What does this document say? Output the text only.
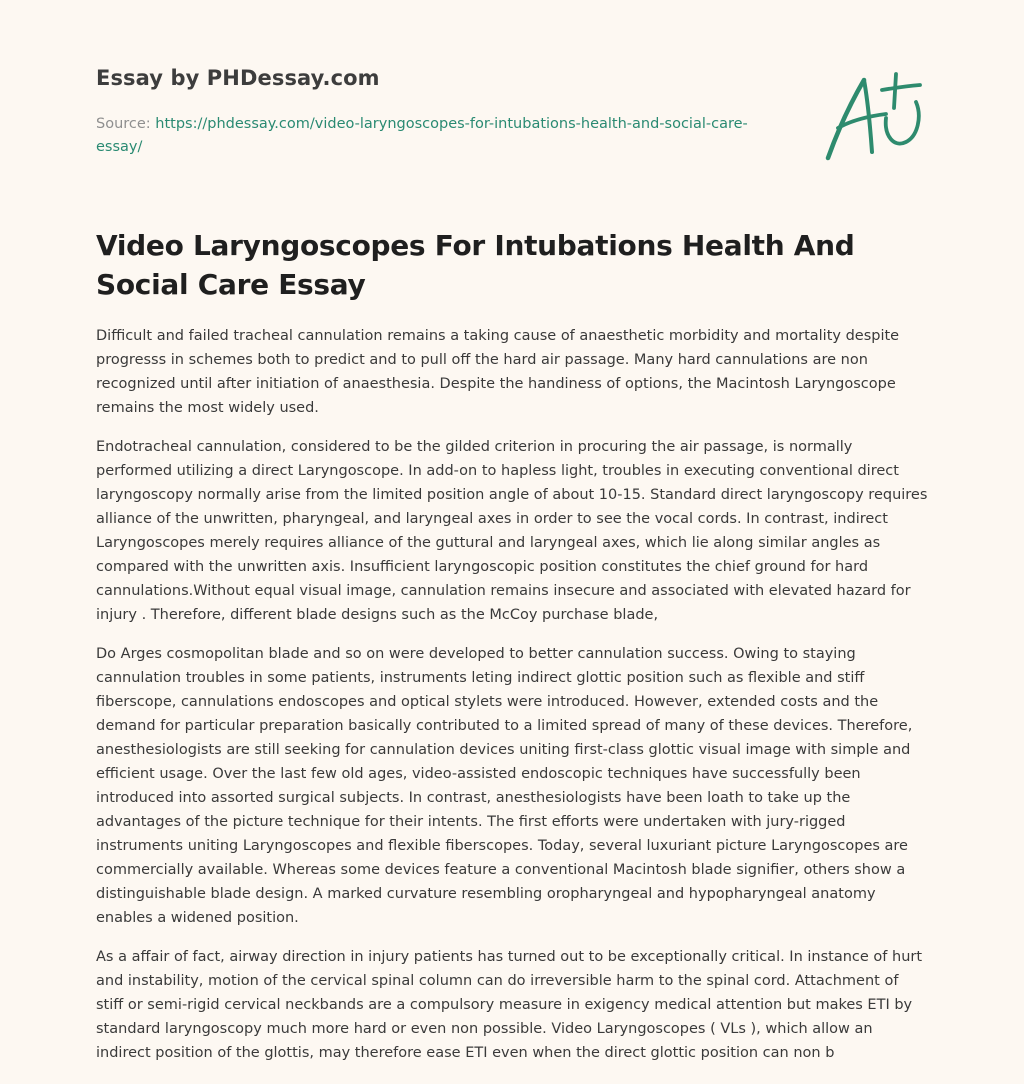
Essay by PHDessay.com

Source: https://phdessay.com/video-laryngoscopes-for-intubations-health-and-social-care-essay/

Video Laryngoscopes For Intubations Health And Social Care Essay

Difficult and failed tracheal cannulation remains a taking cause of anaesthetic morbidity and mortality despite progresss in schemes both to predict and to pull off the hard air passage. Many hard cannulations are non recognized until after initiation of anaesthesia. Despite the handiness of options, the Macintosh Laryngoscope remains the most widely used.

Endotracheal cannulation, considered to be the gilded criterion in procuring the air passage, is normally performed utilizing a direct Laryngoscope. In add-on to hapless light, troubles in executing conventional direct laryngoscopy normally arise from the limited position angle of about 10-15. Standard direct laryngoscopy requires alliance of the unwritten, pharyngeal, and laryngeal axes in order to see the vocal cords. In contrast, indirect Laryngoscopes merely requires alliance of the guttural and laryngeal axes, which lie along similar angles as compared with the unwritten axis. Insufficient laryngoscopic position constitutes the chief ground for hard cannulations.Without equal visual image, cannulation remains insecure and associated with elevated hazard for injury . Therefore, different blade designs such as the McCoy purchase blade,

Do Arges cosmopolitan blade and so on were developed to better cannulation success. Owing to staying cannulation troubles in some patients, instruments leting indirect glottic position such as flexible and stiff fiberscope, cannulations endoscopes and optical stylets were introduced. However, extended costs and the demand for particular preparation basically contributed to a limited spread of many of these devices. Therefore, anesthesiologists are still seeking for cannulation devices uniting first-class glottic visual image with simple and efficient usage. Over the last few old ages, video-assisted endoscopic techniques have successfully been introduced into assorted surgical subjects. In contrast, anesthesiologists have been loath to take up the advantages of the picture technique for their intents. The first efforts were undertaken with jury-rigged instruments uniting Laryngoscopes and flexible fiberscopes. Today, several luxuriant picture Laryngoscopes are commercially available. Whereas some devices feature a conventional Macintosh blade signifier, others show a distinguishable blade design. A marked curvature resembling oropharyngeal and hypopharyngeal anatomy enables a widened position.

As a affair of fact, airway direction in injury patients has turned out to be exceptionally critical. In instance of hurt and instability, motion of the cervical spinal column can do irreversible harm to the spinal cord. Attachment of stiff or semi-rigid cervical neckbands are a compulsory measure in exigency medical attention but makes ETI by standard laryngoscopy much more hard or even non possible. Video Laryngoscopes ( VLs ), which allow an indirect position of the glottis, may therefore ease ETI even when the direct glottic position can non b
